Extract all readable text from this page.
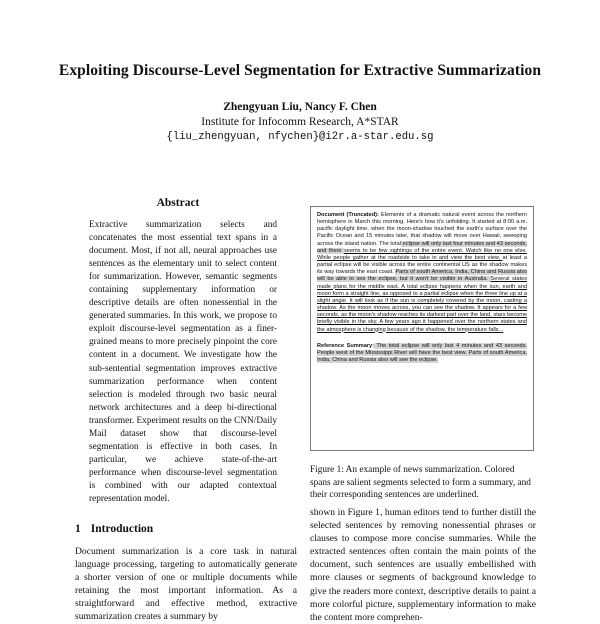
Exploiting Discourse-Level Segmentation for Extractive Summarization
Zhengyuan Liu, Nancy F. Chen
Institute for Infocomm Research, A*STAR
{liu_zhengyuan, nfychen}@i2r.a-star.edu.sg
Abstract

Extractive summarization selects and concatenates the most essential text spans in a document. Most, if not all, neural approaches use sentences as the elementary unit to select content for summarization. However, semantic segments containing supplementary information or descriptive details are often nonessential in the generated summaries. In this work, we propose to exploit discourse-level segmentation as a finer-grained means to more precisely pinpoint the core content in a document. We investigate how the sub-sentential segmentation improves extractive summarization performance when content selection is modeled through two basic neural network architectures and a deep bi-directional transformer. Experiment results on the CNN/Daily Mail dataset show that discourse-level segmentation is effective in both cases. In particular, we achieve state-of-the-art performance when discourse-level segmentation is combined with our adapted contextual representation model.

1 Introduction

Document summarization is a core task in natural language processing, targeting to automatically generate a shorter version of one or multiple documents while retaining the most important information. As a straightforward and effective method, extractive summarization creates a summary by

Document (Truncated): Elements of a dramatic natural event across the northern hemisphere in March this morning. Here's how it's unfolding. It started at 8:00 a.m. pacific daylight time, when the moon-shadow touched the earth's surface over the Pacific Ocean and 15 minutes later, that shadow will move over Hawaii, sweeping across the island nation. The total eclipse will only last four minutes and 43 seconds, and there seems to be few sightings of the entire event. Watch like no one else. While people gather at the roadside to take in and view the best view, at least a partial eclipse will be visible across the entire continental US as the shadow makes its way towards the east coast. Parts of south America, India, China and Russia also will be able to see the eclipse, but it won't be visible in Australia. Several states made plans for the middle east. A total eclipse happens when the sun, earth and moon form a straight line, as opposed to a partial eclipse when the three line up at a slight angle. It will look as if the sun is completely covered by the moon, casting a shadow. As the moon moves across, you can see the shadow. It appears for a few seconds, as the moon's shadow reaches its darkest part over the land, stars become briefly visible in the sky. A few years ago it happened over the northern states and the atmosphere is changing because of the shadow, the temperature falls...

Reference Summary: The total eclipse will only last 4 minutes and 43 seconds. People west of the Mississippi River will have the best view. Parts of south America, India, China and Russia also will see the eclipse.

Figure 1: An example of news summarization. Colored spans are salient segments selected to form a summary, and their corresponding sentences are underlined.

shown in Figure 1, human editors tend to further distill the selected sentences by removing nonessential phrases or clauses to compose more concise summaries. While the extracted sentences often contain the main points of the document, such sentences are usually embellished with more clauses or segments of background knowledge to give the readers more context, descriptive details to paint a more colorful picture, supplementary information to make the content more comprehen-
